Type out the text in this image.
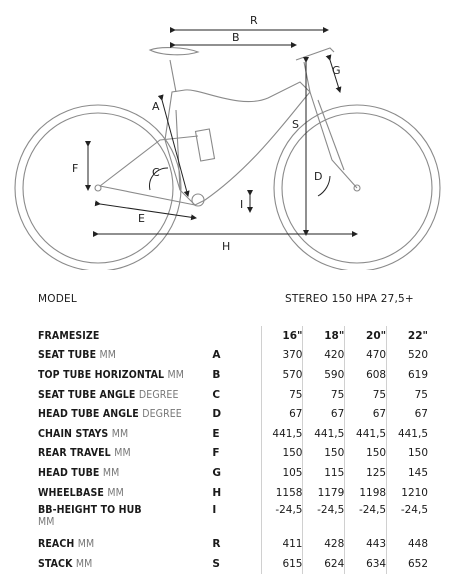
R
B
G
A
S
F	C	D
I
E
H
MODEL	STEREO 150 HPA 27,5+
FRAMESIZE		16"	18"	20"	22"
SEAT TUBE MM	A	370	420	470	520
TOP TUBE HORIZONTAL MM	B	570	590	608	619
SEAT TUBE ANGLE DEGREE	C	75	75	75	75
HEAD TUBE ANGLE DEGREE	D	67	67	67	67
CHAIN STAYS MM	E	441,5	441,5	441,5	441,5
REAR TRAVEL MM	F	150	150	150	150
HEAD TUBE MM	G	105	115	125	145
WHEELBASE MM	H	1158	1179	1198	1210
BB-HEIGHT TO HUB
MM	I	-24,5	-24,5	-24,5	-24,5
REACH MM	R	411	428	443	448
STACK MM	S	615	624	634	652
